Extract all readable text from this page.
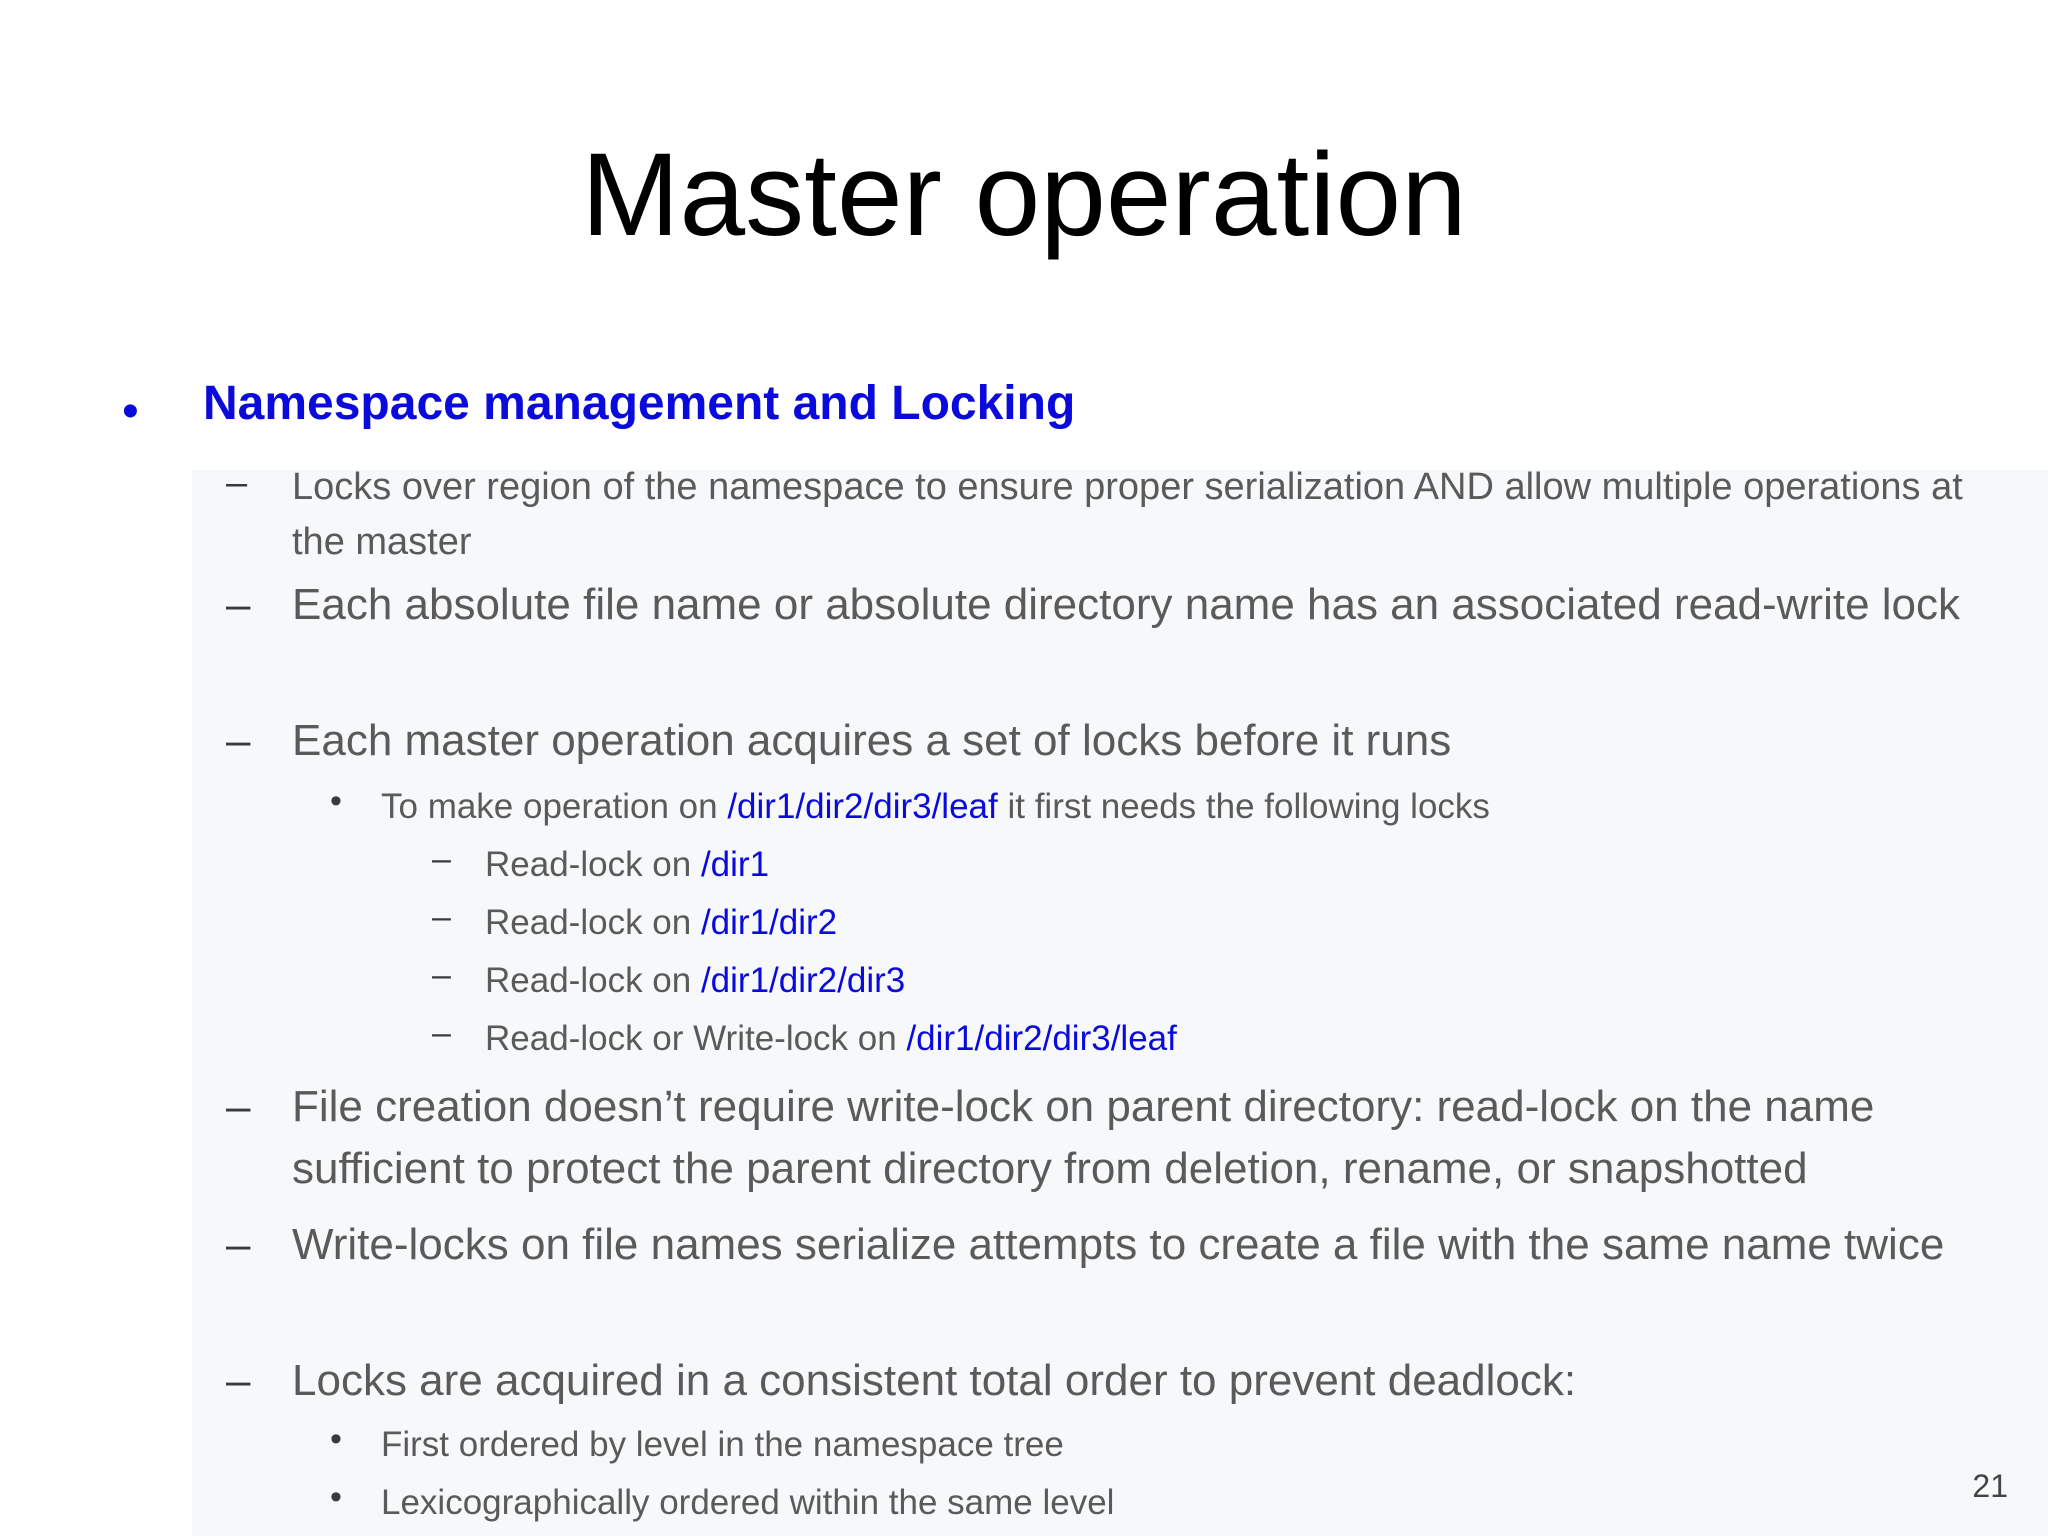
Master operation
• Namespace management and Locking
– Locks over region of the namespace to ensure proper serialization AND allow multiple operations at the master
– Each absolute file name or absolute directory name has an associated read-write lock
– Each master operation acquires a set of locks before it runs
• To make operation on /dir1/dir2/dir3/leaf it first needs the following locks
– Read-lock on /dir1
– Read-lock on /dir1/dir2
– Read-lock on /dir1/dir2/dir3
– Read-lock or Write-lock on /dir1/dir2/dir3/leaf
– File creation doesn’t require write-lock on parent directory: read-lock on the name sufficient to protect the parent directory from deletion, rename, or snapshotted
– Write-locks on file names serialize attempts to create a file with the same name twice
– Locks are acquired in a consistent total order to prevent deadlock:
• First ordered by level in the namespace tree
• Lexicographically ordered within the same level	21
